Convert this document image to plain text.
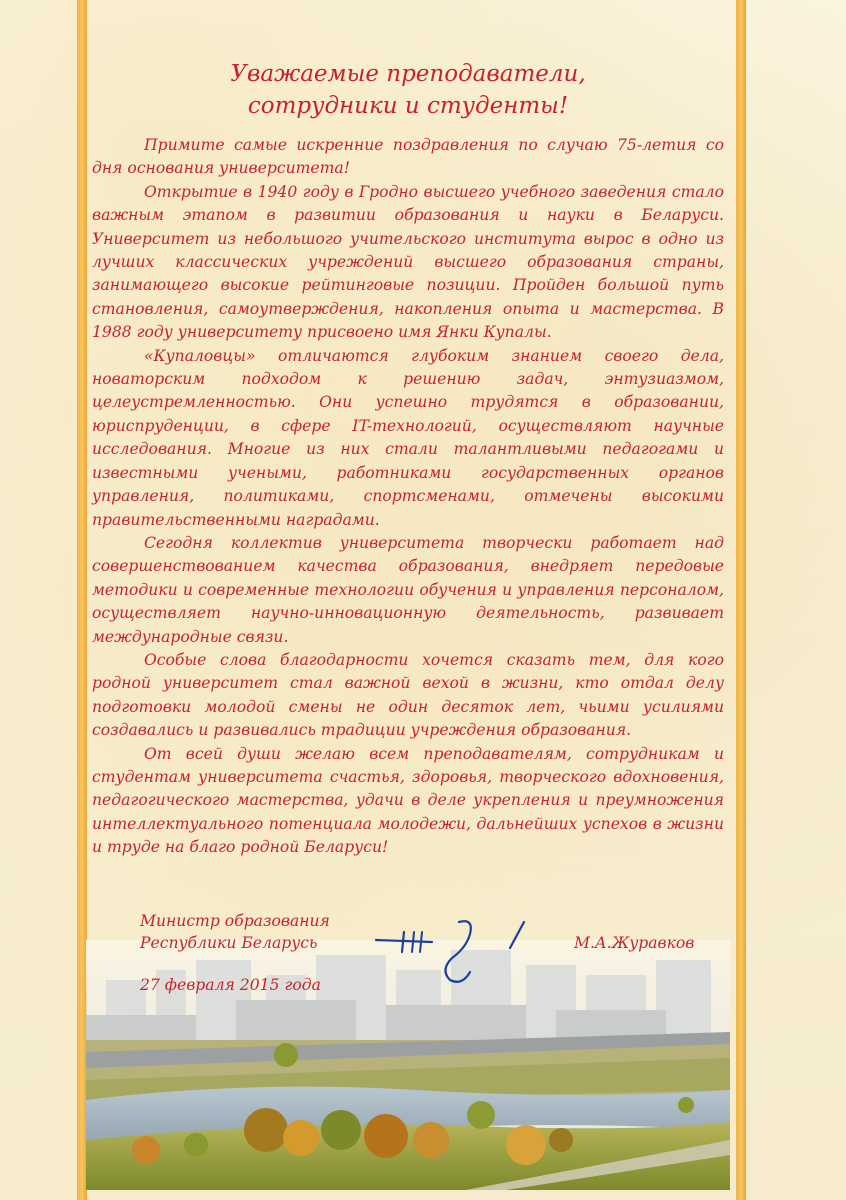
Уважаемые преподаватели,
сотрудники и студенты!

Примите самые искренние поздравления по случаю 75-летия со дня основания университета!

Открытие в 1940 году в Гродно высшего учебного заведения стало важным этапом в развитии образования и науки в Беларуси. Университет из небольшого учительского института вырос в одно из лучших классических учреждений высшего образования страны, занимающего высокие рейтинговые позиции. Пройден большой путь становления, самоутверждения, накопления опыта и мастерства. В 1988 году университету присвоено имя Янки Купалы.

«Купаловцы» отличаются глубоким знанием своего дела, новаторским подходом к решению задач, энтузиазмом, целеустремленностью. Они успешно трудятся в образовании, юриспруденции, в сфере IT-технологий, осуществляют научные исследования. Многие из них стали талантливыми педагогами и известными учеными, работниками государственных органов управления, политиками, спортсменами, отмечены высокими правительственными наградами.

Сегодня коллектив университета творчески работает над совершенствованием качества образования, внедряет передовые методики и современные технологии обучения и управления персоналом, осуществляет научно-инновационную деятельность, развивает международные связи.

Особые слова благодарности хочется сказать тем, для кого родной университет стал важной вехой в жизни, кто отдал делу подготовки молодой смены не один десяток лет, чьими усилиями создавались и развивались традиции учреждения образования.

От всей души желаю всем преподавателям, сотрудникам и студентам университета счастья, здоровья, творческого вдохновения, педагогического мастерства, удачи в деле укрепления и преумножения интеллектуального потенциала молодежи, дальнейших успехов в жизни и труде на благо родной Беларуси!

Министр образования
Республики Беларусь	М.А.Журавков
27 февраля 2015 года
